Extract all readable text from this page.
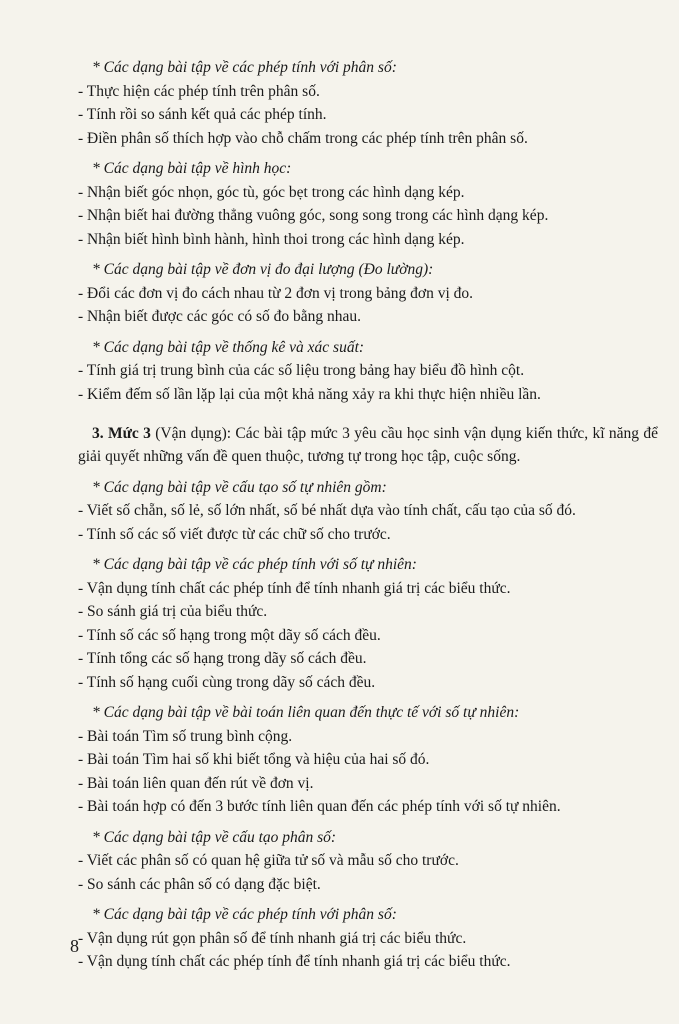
* Các dạng bài tập về các phép tính với phân số:
- Thực hiện các phép tính trên phân số.
- Tính rồi so sánh kết quả các phép tính.
- Điền phân số thích hợp vào chỗ chấm trong các phép tính trên phân số.
* Các dạng bài tập về hình học:
- Nhận biết góc nhọn, góc tù, góc bẹt trong các hình dạng kép.
- Nhận biết hai đường thẳng vuông góc, song song trong các hình dạng kép.
- Nhận biết hình bình hành, hình thoi trong các hình dạng kép.
* Các dạng bài tập về đơn vị đo đại lượng (Đo lường):
- Đổi các đơn vị đo cách nhau từ 2 đơn vị trong bảng đơn vị đo.
- Nhận biết được các góc có số đo bằng nhau.
* Các dạng bài tập về thống kê và xác suất:
- Tính giá trị trung bình của các số liệu trong bảng hay biểu đồ hình cột.
- Kiểm đếm số lần lặp lại của một khả năng xảy ra khi thực hiện nhiều lần.

3. Mức 3 (Vận dụng): Các bài tập mức 3 yêu cầu học sinh vận dụng kiến thức, kĩ năng để giải quyết những vấn đề quen thuộc, tương tự trong học tập, cuộc sống.

* Các dạng bài tập về cấu tạo số tự nhiên gồm:
- Viết số chẵn, số lẻ, số lớn nhất, số bé nhất dựa vào tính chất, cấu tạo của số đó.
- Tính số các số viết được từ các chữ số cho trước.
* Các dạng bài tập về các phép tính với số tự nhiên:
- Vận dụng tính chất các phép tính để tính nhanh giá trị các biểu thức.
- So sánh giá trị của biểu thức.
- Tính số các số hạng trong một dãy số cách đều.
- Tính tổng các số hạng trong dãy số cách đều.
- Tính số hạng cuối cùng trong dãy số cách đều.
* Các dạng bài tập về bài toán liên quan đến thực tế với số tự nhiên:
- Bài toán Tìm số trung bình cộng.
- Bài toán Tìm hai số khi biết tổng và hiệu của hai số đó.
- Bài toán liên quan đến rút về đơn vị.
- Bài toán hợp có đến 3 bước tính liên quan đến các phép tính với số tự nhiên.
* Các dạng bài tập về cấu tạo phân số:
- Viết các phân số có quan hệ giữa tử số và mẫu số cho trước.
- So sánh các phân số có dạng đặc biệt.
* Các dạng bài tập về các phép tính với phân số:
- Vận dụng rút gọn phân số để tính nhanh giá trị các biểu thức.
- Vận dụng tính chất các phép tính để tính nhanh giá trị các biểu thức.
8
